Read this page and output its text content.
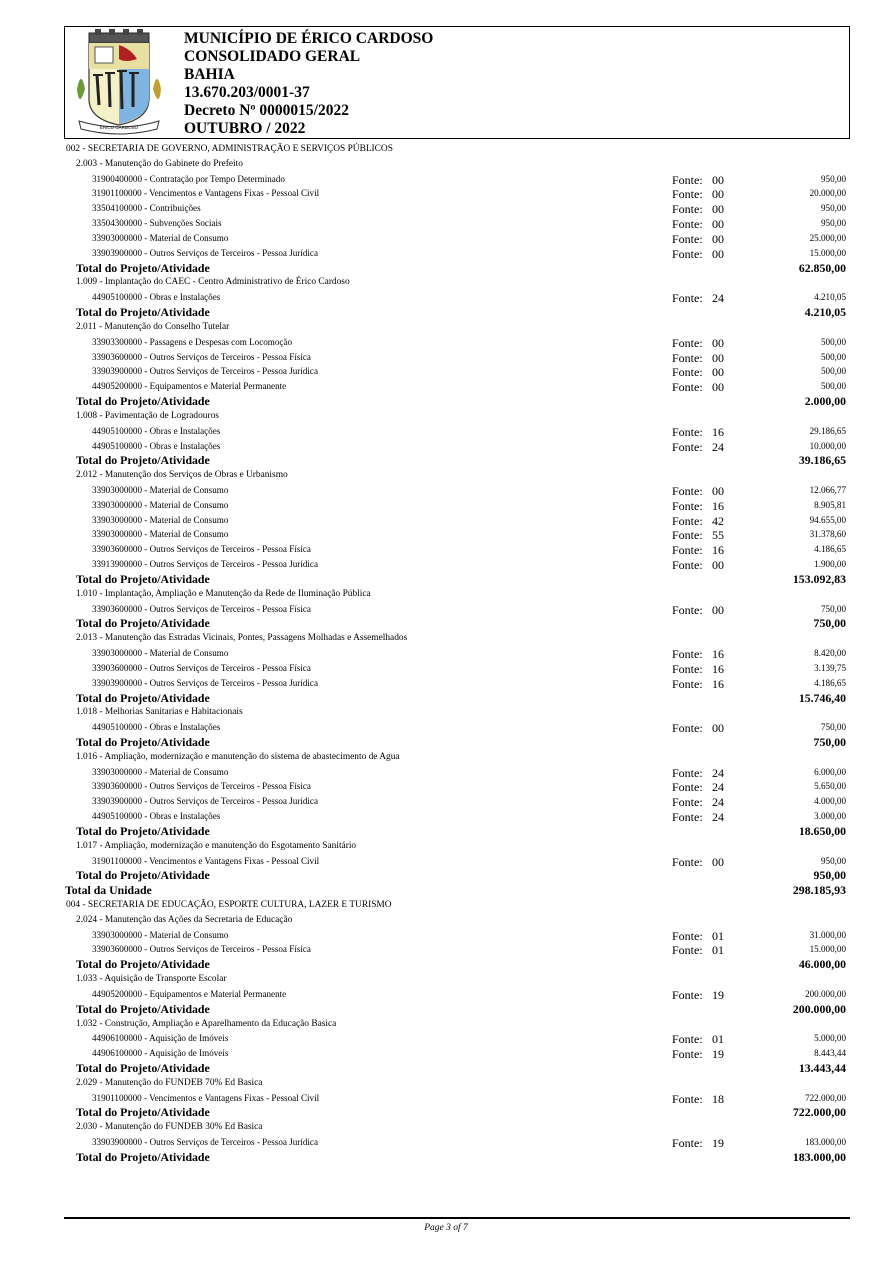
ÉRICO CARDOSO
MUNICÍPIO DE ÉRICO CARDOSO
CONSOLIDADO GERAL
BAHIA
13.670.203/0001-37
Decreto Nº 0000015/2022
OUTUBRO / 2022
002 - SECRETARIA DE GOVERNO, ADMINISTRAÇÃO E SERVIÇOS PÚBLICOS
2.003 - Manutenção do Gabinete do Prefeito
31900400000 - Contratação por Tempo Determinado	Fonte: 00	950,00
31901100000 - Vencimentos e Vantagens Fixas - Pessoal Civil	Fonte: 00	20.000,00
33504100000 - Contribuições	Fonte: 00	950,00
33504300000 - Subvenções Sociais	Fonte: 00	950,00
33903000000 - Material de Consumo	Fonte: 00	25.000,00
33903900000 - Outros Serviços de Terceiros - Pessoa Jurídica	Fonte: 00	15.000,00
Total do Projeto/Atividade	62.850,00
1.009 - Implantação do CAEC - Centro Administrativo de Érico Cardoso
44905100000 - Obras e Instalações	Fonte: 24	4.210,05
Total do Projeto/Atividade	4.210,05
2.011 - Manutenção do Conselho Tutelar
33903300000 - Passagens e Despesas com Locomoção	Fonte: 00	500,00
33903600000 - Outros Serviços de Terceiros - Pessoa Física	Fonte: 00	500,00
33903900000 - Outros Serviços de Terceiros - Pessoa Jurídica	Fonte: 00	500,00
44905200000 - Equipamentos e Material Permanente	Fonte: 00	500,00
Total do Projeto/Atividade	2.000,00
1.008 - Pavimentação de Logradouros
44905100000 - Obras e Instalações	Fonte: 16	29.186,65
44905100000 - Obras e Instalações	Fonte: 24	10.000,00
Total do Projeto/Atividade	39.186,65
2.012 - Manutenção dos Serviços de Obras e Urbanismo
33903000000 - Material de Consumo	Fonte: 00	12.066,77
33903000000 - Material de Consumo	Fonte: 16	8.905,81
33903000000 - Material de Consumo	Fonte: 42	94.655,00
33903000000 - Material de Consumo	Fonte: 55	31.378,60
33903600000 - Outros Serviços de Terceiros - Pessoa Física	Fonte: 16	4.186,65
33913900000 - Outros Serviços de Terceiros - Pessoa Jurídica	Fonte: 00	1.900,00
Total do Projeto/Atividade	153.092,83
1.010 - Implantação, Ampliação e Manutenção da Rede de Iluminação Pública
33903600000 - Outros Serviços de Terceiros - Pessoa Física	Fonte: 00	750,00
Total do Projeto/Atividade	750,00
2.013 - Manutenção das Estradas Vicinais, Pontes, Passagens Molhadas e Assemelhados
33903000000 - Material de Consumo	Fonte: 16	8.420,00
33903600000 - Outros Serviços de Terceiros - Pessoa Física	Fonte: 16	3.139,75
33903900000 - Outros Serviços de Terceiros - Pessoa Jurídica	Fonte: 16	4.186,65
Total do Projeto/Atividade	15.746,40
1.018 - Melhorias Sanitarias e Habitacionais
44905100000 - Obras e Instalações	Fonte: 00	750,00
Total do Projeto/Atividade	750,00
1.016 - Ampliação, modernização e manutenção do sistema de abastecimento de Agua
33903000000 - Material de Consumo	Fonte: 24	6.000,00
33903600000 - Outros Serviços de Terceiros - Pessoa Física	Fonte: 24	5.650,00
33903900000 - Outros Serviços de Terceiros - Pessoa Jurídica	Fonte: 24	4.000,00
44905100000 - Obras e Instalações	Fonte: 24	3.000,00
Total do Projeto/Atividade	18.650,00
1.017 - Ampliação, modernização e manutenção do Esgotamento Sanitário
31901100000 - Vencimentos e Vantagens Fixas - Pessoal Civil	Fonte: 00	950,00
Total do Projeto/Atividade	950,00
Total da Unidade	298.185,93
004 - SECRETARIA DE EDUCAÇÃO, ESPORTE CULTURA, LAZER E TURISMO
2.024 - Manutenção das Ações da Secretaria de Educação
33903000000 - Material de Consumo	Fonte: 01	31.000,00
33903600000 - Outros Serviços de Terceiros - Pessoa Física	Fonte: 01	15.000,00
Total do Projeto/Atividade	46.000,00
1.033 - Aquisição de Transporte Escolar
44905200000 - Equipamentos e Material Permanente	Fonte: 19	200.000,00
Total do Projeto/Atividade	200.000,00
1.032 - Construção, Ampliação e Aparelhamento da Educação Basica
44906100000 - Aquisição de Imóveis	Fonte: 01	5.000,00
44906100000 - Aquisição de Imóveis	Fonte: 19	8.443,44
Total do Projeto/Atividade	13.443,44
2.029 - Manutenção do FUNDEB 70% Ed Basica
31901100000 - Vencimentos e Vantagens Fixas - Pessoal Civil	Fonte: 18	722.000,00
Total do Projeto/Atividade	722.000,00
2.030 - Manutenção do FUNDEB 30% Ed Basica
33903900000 - Outros Serviços de Terceiros - Pessoa Jurídica	Fonte: 19	183.000,00
Total do Projeto/Atividade	183.000,00
Page 3 of 7
